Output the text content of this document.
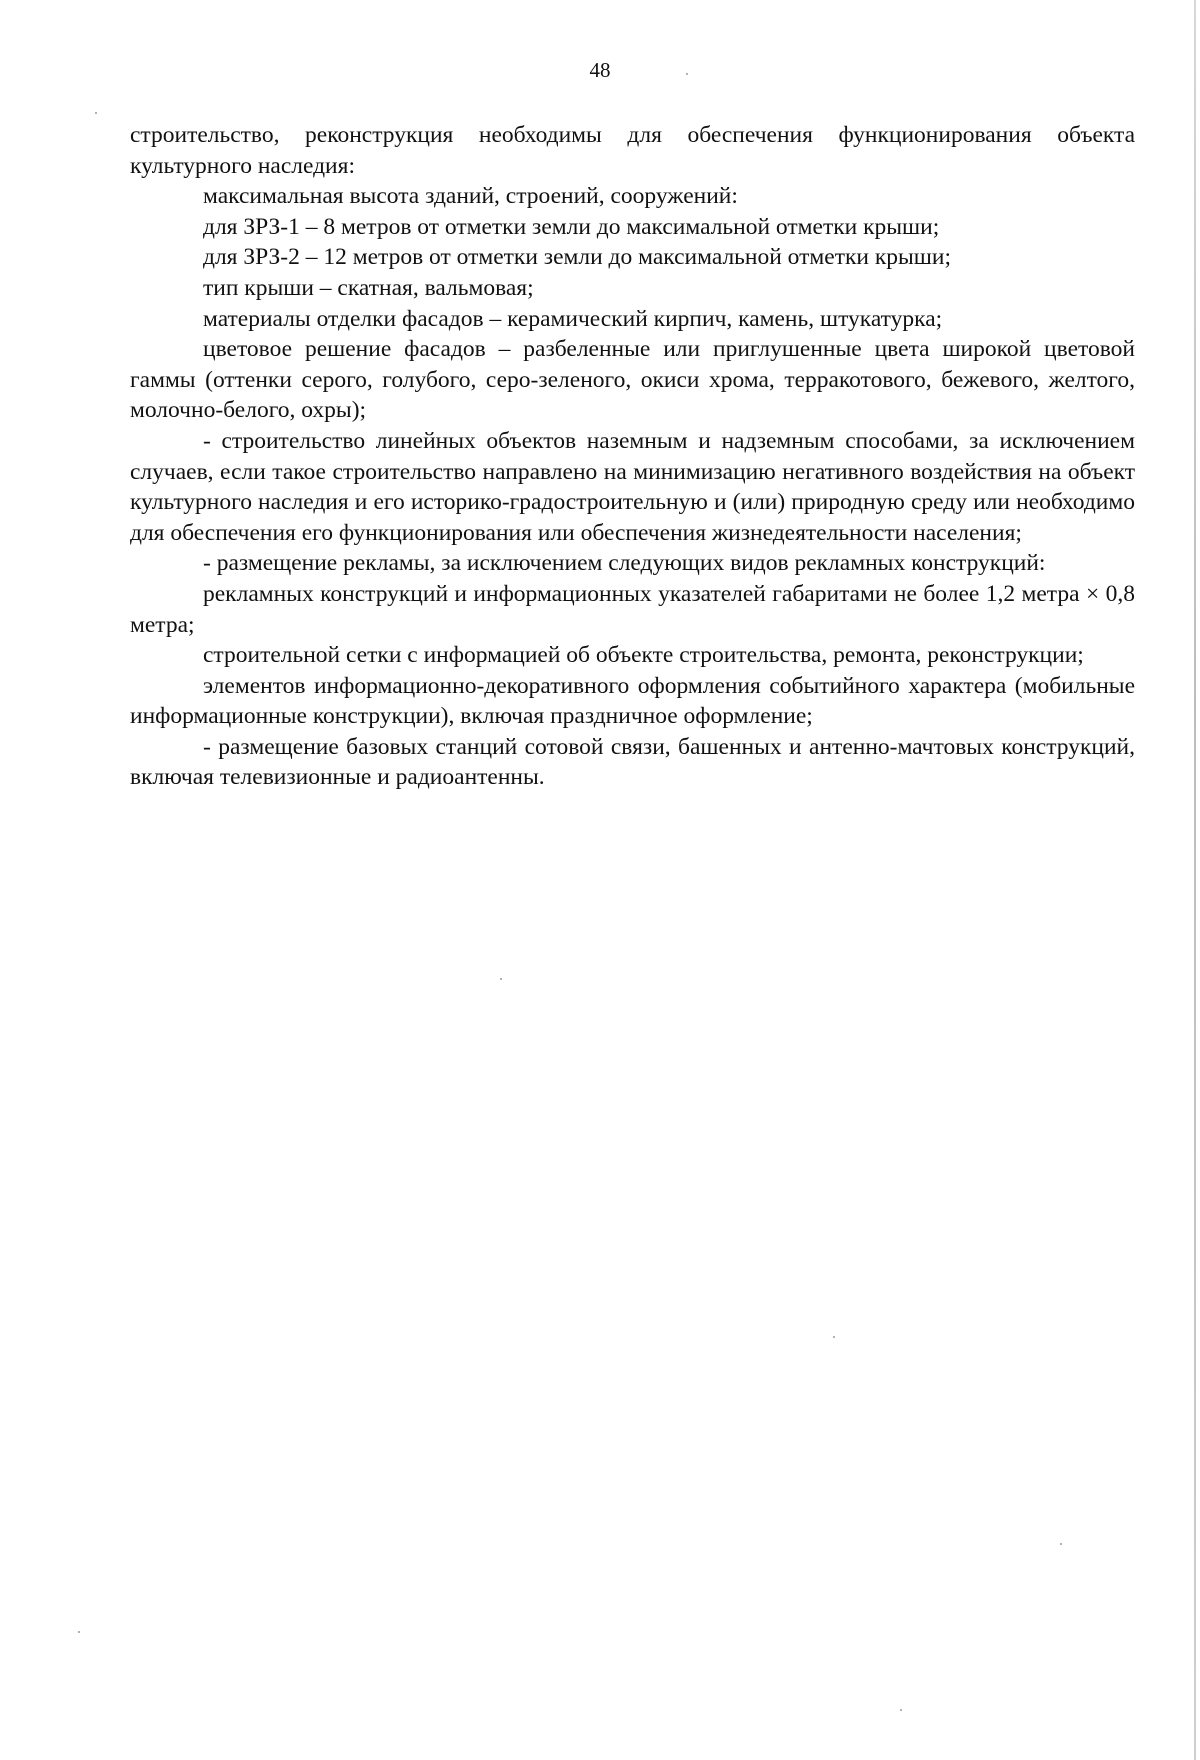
48

строительство, реконструкция необходимы для обеспечения функционирования объекта культурного наследия:

максимальная высота зданий, строений, сооружений:

для ЗРЗ-1 – 8 метров от отметки земли до максимальной отметки крыши;

для ЗРЗ-2 – 12 метров от отметки земли до максимальной отметки крыши;

тип крыши – скатная, вальмовая;

материалы отделки фасадов – керамический кирпич, камень, штукатурка;

цветовое решение фасадов – разбеленные или приглушенные цвета широкой цветовой гаммы (оттенки серого, голубого, серо-зеленого, окиси хрома, терракотового, бежевого, желтого, молочно-белого, охры);

- строительство линейных объектов наземным и надземным способами, за исключением случаев, если такое строительство направлено на минимизацию негативного воздействия на объект культурного наследия и его историко-градостроительную и (или) природную среду или необходимо для обеспечения его функционирования или обеспечения жизнедеятельности населения;

- размещение рекламы, за исключением следующих видов рекламных конструкций:

рекламных конструкций и информационных указателей габаритами не более 1,2 метра × 0,8 метра;

строительной сетки с информацией об объекте строительства, ремонта, реконструкции;

элементов информационно-декоративного оформления событийного характера (мобильные информационные конструкции), включая праздничное оформление;

- размещение базовых станций сотовой связи, башенных и антенно-мачтовых конструкций, включая телевизионные и радиоантенны.
